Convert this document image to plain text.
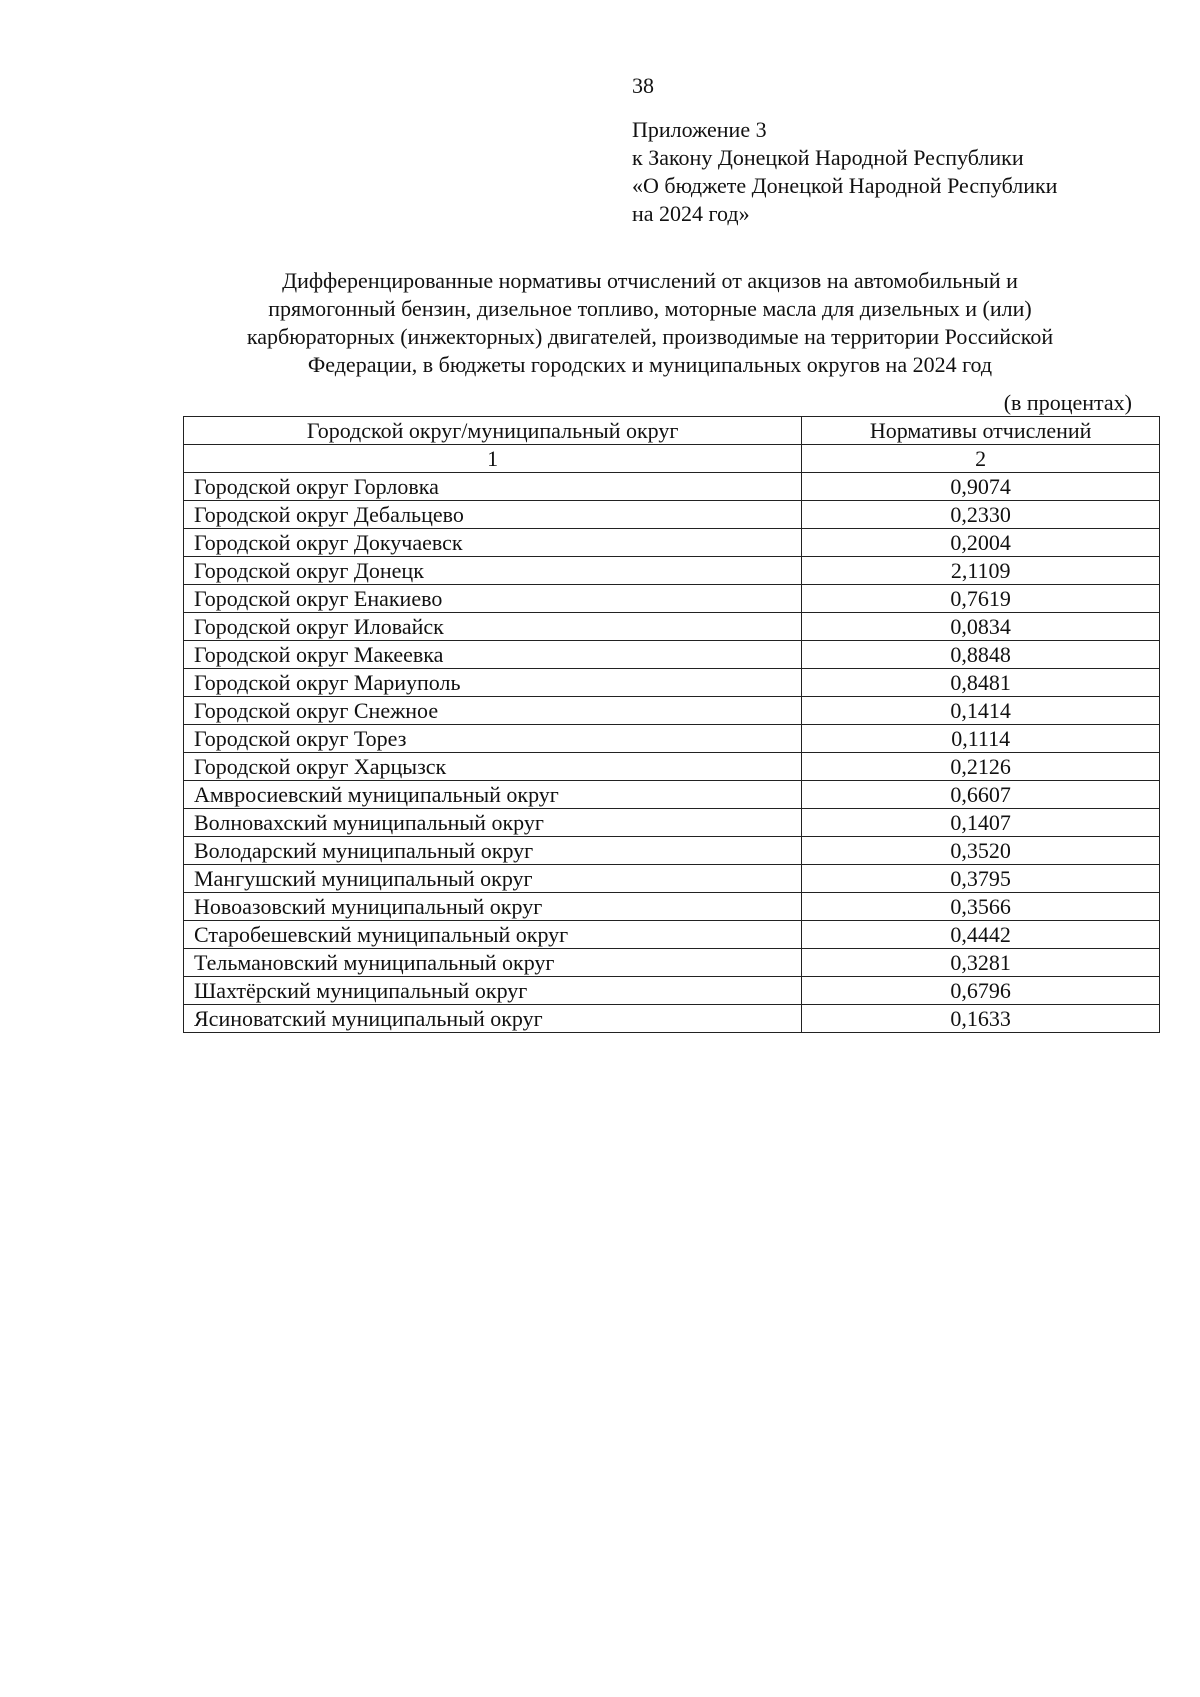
38
Приложение 3
к Закону Донецкой Народной Республики
«О бюджете Донецкой Народной Республики
на 2024 год»
Дифференцированные нормативы отчислений от акцизов на автомобильный и
прямогонный бензин, дизельное топливо, моторные масла для дизельных и (или)
карбюраторных (инжекторных) двигателей, производимые на территории Российской
Федерации, в бюджеты городских и муниципальных округов на 2024 год
(в процентах)
Городской округ/муниципальный округ	Нормативы отчислений
1	2
Городской округ Горловка	0,9074
Городской округ Дебальцево	0,2330
Городской округ Докучаевск	0,2004
Городской округ Донецк	2,1109
Городской округ Енакиево	0,7619
Городской округ Иловайск	0,0834
Городской округ Макеевка	0,8848
Городской округ Мариуполь	0,8481
Городской округ Снежное	0,1414
Городской округ Торез	0,1114
Городской округ Харцызск	0,2126
Амвросиевский муниципальный округ	0,6607
Волновахский муниципальный округ	0,1407
Володарский муниципальный округ	0,3520
Мангушский муниципальный округ	0,3795
Новоазовский муниципальный округ	0,3566
Старобешевский муниципальный округ	0,4442
Тельмановский муниципальный округ	0,3281
Шахтёрский муниципальный округ	0,6796
Ясиноватский муниципальный округ	0,1633
